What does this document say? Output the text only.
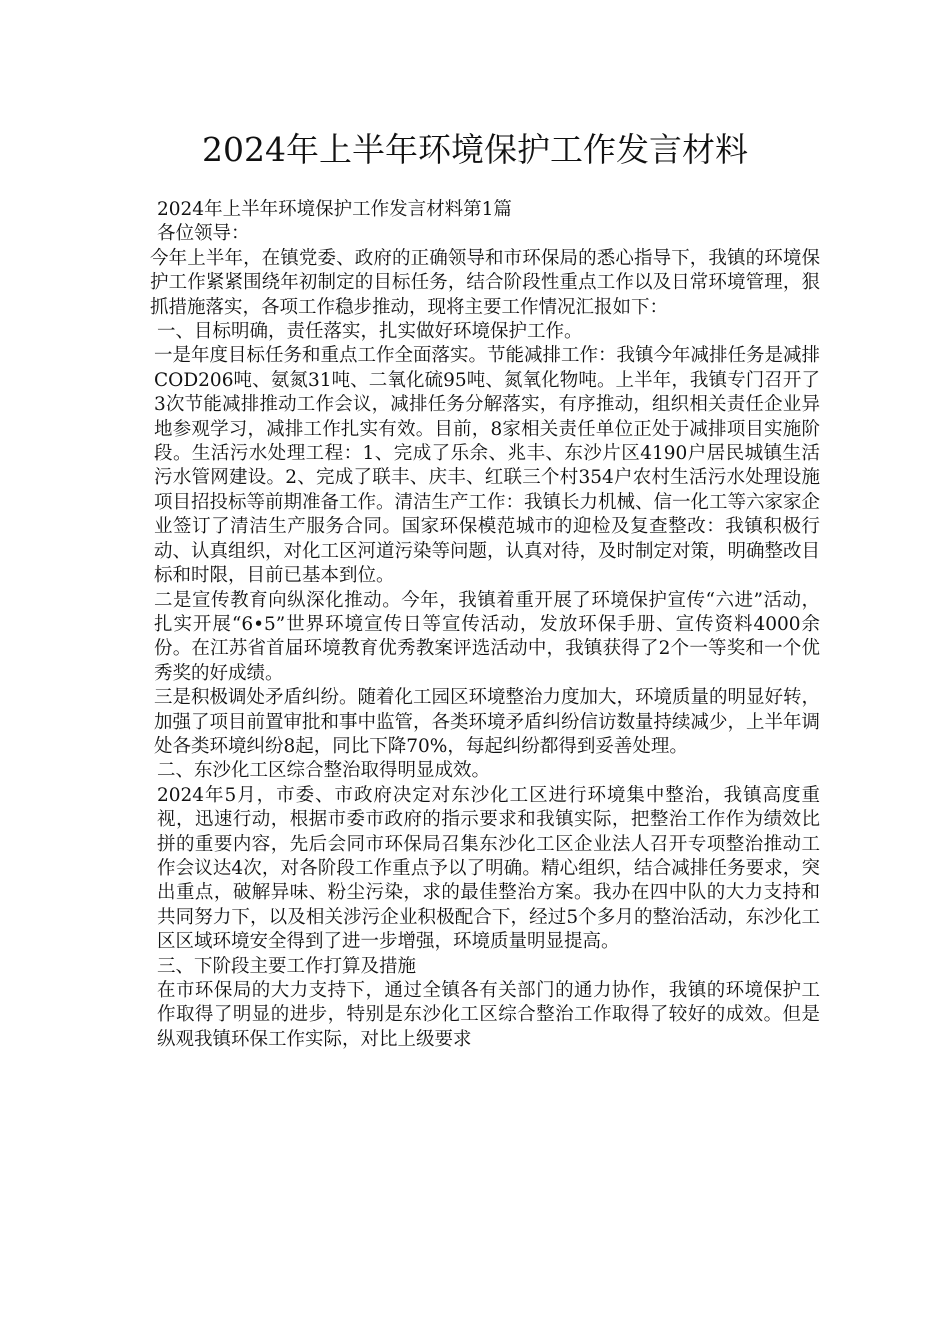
2024年上半年环境保护工作发言材料

2024年上半年环境保护工作发言材料第1篇

各位领导：

今年上半年，在镇党委、政府的正确领导和市环保局的悉心指导下，我镇的环境保护工作紧紧围绕年初制定的目标任务，结合阶段性重点工作以及日常环境管理，狠抓措施落实，各项工作稳步推动，现将主要工作情况汇报如下：

一、目标明确，责任落实，扎实做好环境保护工作。

一是年度目标任务和重点工作全面落实。节能减排工作：我镇今年减排任务是减排COD206吨、氨氮31吨、二氧化硫95吨、氮氧化物吨。上半年，我镇专门召开了3次节能减排推动工作会议，减排任务分解落实，有序推动，组织相关责任企业异地参观学习，减排工作扎实有效。目前，8家相关责任单位正处于减排项目实施阶段。生活污水处理工程：1、完成了乐余、兆丰、东沙片区4190户居民城镇生活污水管网建设。2、完成了联丰、庆丰、红联三个村354户农村生活污水处理设施项目招投标等前期准备工作。清洁生产工作：我镇长力机械、信一化工等六家家企业签订了清洁生产服务合同。国家环保模范城市的迎检及复查整改：我镇积极行动、认真组织，对化工区河道污染等问题，认真对待，及时制定对策，明确整改目标和时限，目前已基本到位。

二是宣传教育向纵深化推动。今年，我镇着重开展了环境保护宣传“六进”活动，扎实开展“6•5”世界环境宣传日等宣传活动，发放环保手册、宣传资料4000余份。在江苏省首届环境教育优秀教案评选活动中，我镇获得了2个一等奖和一个优秀奖的好成绩。

三是积极调处矛盾纠纷。随着化工园区环境整治力度加大，环境质量的明显好转，加强了项目前置审批和事中监管，各类环境矛盾纠纷信访数量持续减少，上半年调处各类环境纠纷8起，同比下降70%，每起纠纷都得到妥善处理。

二、东沙化工区综合整治取得明显成效。

2024年5月，市委、市政府决定对东沙化工区进行环境集中整治，我镇高度重视，迅速行动，根据市委市政府的指示要求和我镇实际，把整治工作作为绩效比拼的重要内容，先后会同市环保局召集东沙化工区企业法人召开专项整治推动工作会议达4次，对各阶段工作重点予以了明确。精心组织，结合减排任务要求，突出重点，破解异味、粉尘污染，求的最佳整治方案。我办在四中队的大力支持和共同努力下，以及相关涉污企业积极配合下，经过5个多月的整治活动，东沙化工区区域环境安全得到了进一步增强，环境质量明显提高。

三、下阶段主要工作打算及措施

在市环保局的大力支持下，通过全镇各有关部门的通力协作，我镇的环境保护工作取得了明显的进步，特别是东沙化工区综合整治工作取得了较好的成效。但是纵观我镇环保工作实际，对比上级要求
